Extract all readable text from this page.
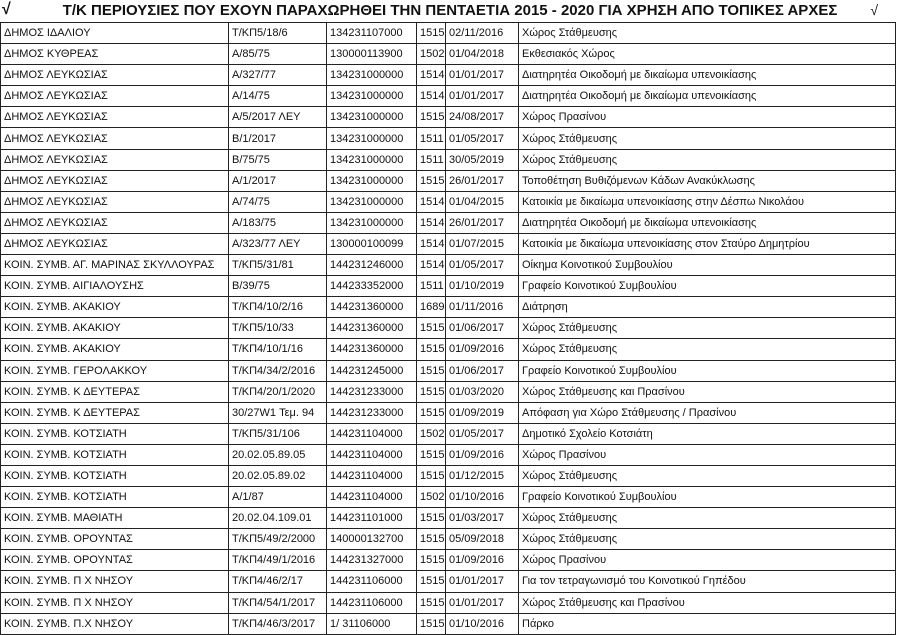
√	Τ/Κ ΠΕΡΙΟΥΣΙΕΣ ΠΟΥ ΕΧΟΥΝ ΠΑΡΑΧΩΡΗΘΕΙ ΤΗΝ ΠΕΝΤΑΕΤΙΑ 2015 - 2020 ΓΙΑ ΧΡΗΣΗ ΑΠΟ ΤΟΠΙΚΕΣ ΑΡΧΕΣ	√
ΔΗΜΟΣ ΙΔΑΛΙΟΥ	Τ/ΚΠ5/18/6	134231107000	1515	02/11/2016	Χώρος Στάθμευσης
ΔΗΜΟΣ ΚΥΘΡΕΑΣ	Α/85/75	130000113900	1502	01/04/2018	Εκθεσιακός Χώρος
ΔΗΜΟΣ ΛΕΥΚΩΣΙΑΣ	Α/327/77	134231000000	1514	01/01/2017	Διατηρητέα Οικοδομή με δικαίωμα υπενοικίασης
ΔΗΜΟΣ ΛΕΥΚΩΣΙΑΣ	Α/14/75	134231000000	1514	01/01/2017	Διατηρητέα Οικοδομή με δικαίωμα υπενοικίασης
ΔΗΜΟΣ ΛΕΥΚΩΣΙΑΣ	Α/5/2017 ΛΕΥ	134231000000	1515	24/08/2017	Χώρος Πρασίνου
ΔΗΜΟΣ ΛΕΥΚΩΣΙΑΣ	Β/1/2017	134231000000	1511	01/05/2017	Χώρος Στάθμευσης
ΔΗΜΟΣ ΛΕΥΚΩΣΙΑΣ	Β/75/75	134231000000	1511	30/05/2019	Χώρος Στάθμευσης
ΔΗΜΟΣ ΛΕΥΚΩΣΙΑΣ	Α/1/2017	134231000000	1515	26/01/2017	Τοποθέτηση Βυθιζόμενων Κάδων Ανακύκλωσης
ΔΗΜΟΣ ΛΕΥΚΩΣΙΑΣ	Α/74/75	134231000000	1514	01/04/2015	Κατοικία με δικαίωμα υπενοικίασης στην Δέσπω Νικολάου
ΔΗΜΟΣ ΛΕΥΚΩΣΙΑΣ	Α/183/75	134231000000	1514	26/01/2017	Διατηρητέα Οικοδομή με δικαίωμα υπενοικίασης
ΔΗΜΟΣ ΛΕΥΚΩΣΙΑΣ	Α/323/77 ΛΕΥ	130000100099	1514	01/07/2015	Κατοικία με δικαίωμα υπενοικίασης στον Σταύρο Δημητρίου
ΚΟΙΝ. ΣΥΜΒ. ΑΓ. ΜΑΡΙΝΑΣ ΣΚΥΛΛΟΥΡΑΣ	Τ/ΚΠ5/31/81	144231246000	1514	01/05/2017	Οίκημα Κοινοτικού Συμβουλίου
ΚΟΙΝ. ΣΥΜΒ. ΑΙΓΙΑΛΟΥΣΗΣ	Β/39/75	144233352000	1511	01/10/2019	Γραφείο Κοινοτικού Συμβουλίου
ΚΟΙΝ. ΣΥΜΒ. ΑΚΑΚΙΟΥ	Τ/ΚΠ4/10/2/16	144231360000	1689	01/11/2016	Διάτρηση
ΚΟΙΝ. ΣΥΜΒ. ΑΚΑΚΙΟΥ	Τ/ΚΠ5/10/33	144231360000	1515	01/06/2017	Χώρος Στάθμευσης
ΚΟΙΝ. ΣΥΜΒ. ΑΚΑΚΙΟΥ	Τ/ΚΠ4/10/1/16	144231360000	1515	01/09/2016	Χώρος Στάθμευσης
ΚΟΙΝ. ΣΥΜΒ. ΓΕΡΟΛΑΚΚΟΥ	Τ/ΚΠ4/34/2/2016	144231245000	1515	01/06/2017	Γραφείο Κοινοτικού Συμβουλίου
ΚΟΙΝ. ΣΥΜΒ. Κ ΔΕΥΤΕΡΑΣ	Τ/ΚΠ4/20/1/2020	144231233000	1515	01/03/2020	Χώρος Στάθμευσης και Πρασίνου
ΚΟΙΝ. ΣΥΜΒ. Κ ΔΕΥΤΕΡΑΣ	30/27W1 Τεμ. 94	144231233000	1515	01/09/2019	Απόφαση για Χώρο Στάθμευσης / Πρασίνου
ΚΟΙΝ. ΣΥΜΒ. ΚΟΤΣΙΑΤΗ	Τ/ΚΠ5/31/106	144231104000	1502	01/05/2017	Δημοτικό Σχολείο Κοτσιάτη
ΚΟΙΝ. ΣΥΜΒ. ΚΟΤΣΙΑΤΗ	20.02.05.89.05	144231104000	1515	01/09/2016	Χώρος Πρασίνου
ΚΟΙΝ. ΣΥΜΒ. ΚΟΤΣΙΑΤΗ	20.02.05.89.02	144231104000	1515	01/12/2015	Χώρος Στάθμευσης
ΚΟΙΝ. ΣΥΜΒ. ΚΟΤΣΙΑΤΗ	Α/1/87	144231104000	1502	01/10/2016	Γραφείο Κοινοτικού Συμβουλίου
ΚΟΙΝ. ΣΥΜΒ. ΜΑΘΙΑΤΗ	20.02.04.109.01	144231101000	1515	01/03/2017	Χώρος Στάθμευσης
ΚΟΙΝ. ΣΥΜΒ. ΟΡΟΥΝΤΑΣ	Τ/ΚΠ5/49/2/2000	140000132700	1515	05/09/2018	Χώρος Στάθμευσης
ΚΟΙΝ. ΣΥΜΒ. ΟΡΟΥΝΤΑΣ	Τ/ΚΠ4/49/1/2016	144231327000	1515	01/09/2016	Χώρος Πρασίνου
ΚΟΙΝ. ΣΥΜΒ. Π Χ ΝΗΣΟΥ	Τ/ΚΠ4/46/2/17	144231106000	1515	01/01/2017	Για τον τετραγωνισμό του Κοινοτικού Γηπέδου
ΚΟΙΝ. ΣΥΜΒ. Π Χ ΝΗΣΟΥ	Τ/ΚΠ4/54/1/2017	144231106000	1515	01/01/2017	Χώρος Στάθμευσης και Πρασίνου
ΚΟΙΝ. ΣΥΜΒ. Π.Χ ΝΗΣΟΥ	Τ/ΚΠ4/46/3/2017	1/ 31106000	1515	01/10/2016	Πάρκο
